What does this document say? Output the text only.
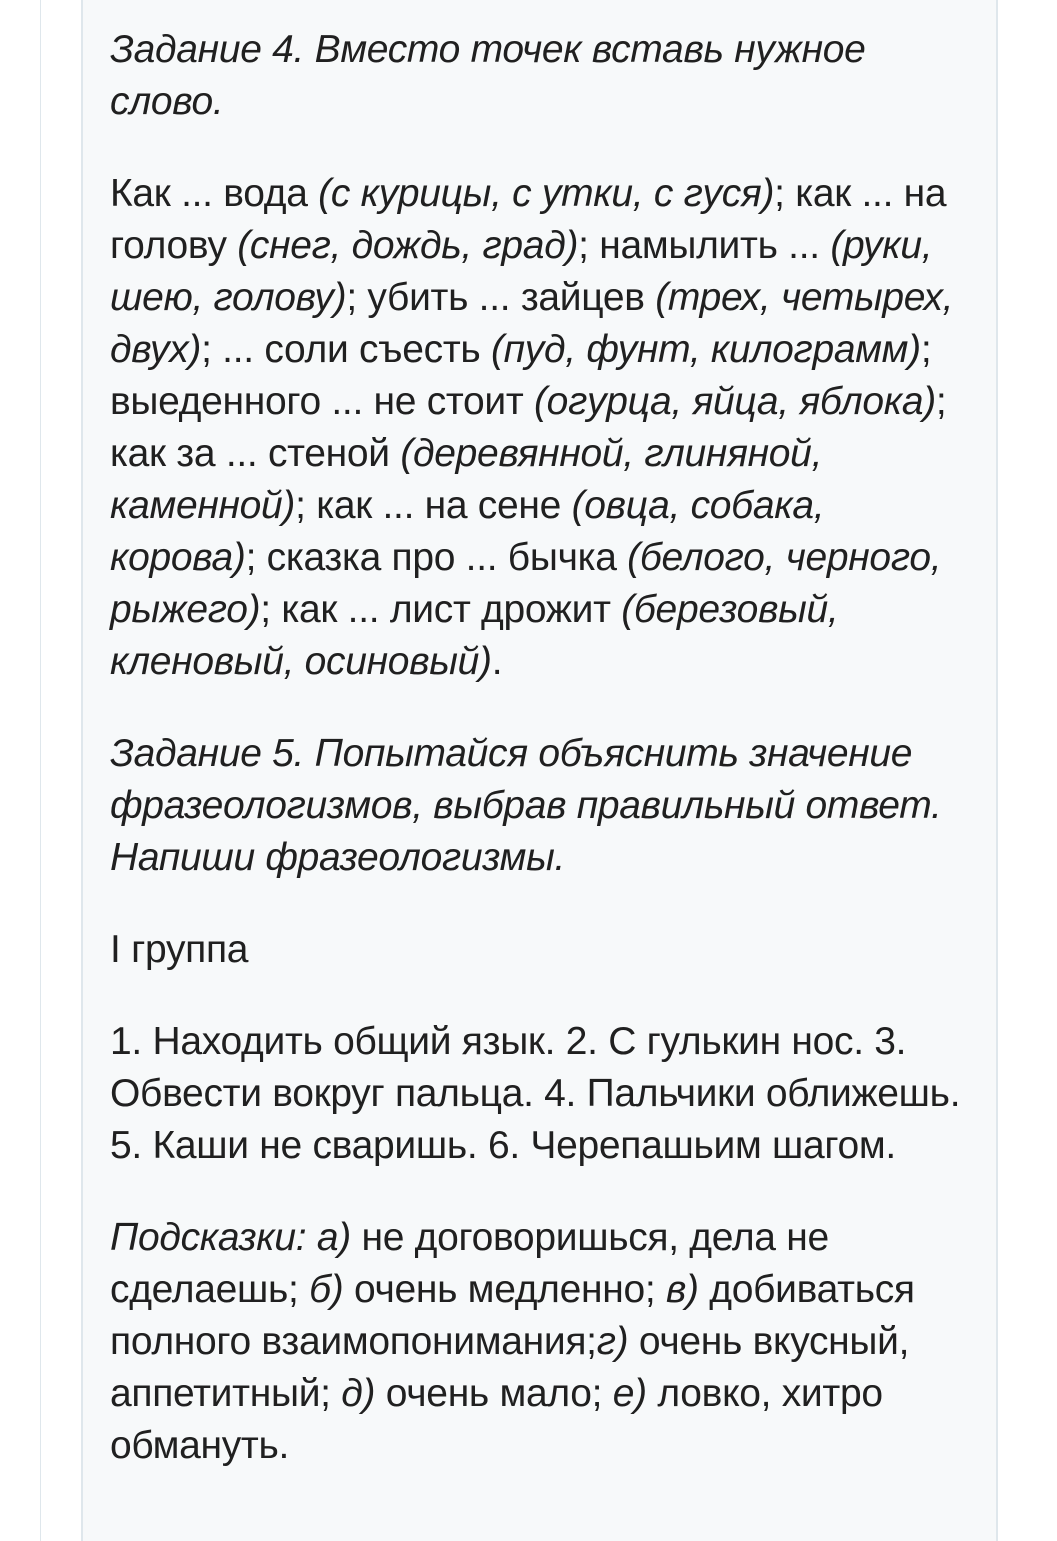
Задание 4. Вместо точек вставь нужное слово.

Как ... вода (с курицы, с утки, с гуся); как ... на голову (снег, дождь, град); намылить ... (руки, шею, голову); убить ... зайцев (трех, четырех, двух); ... соли съесть (пуд, фунт, килограмм); выеденного ... не стоит (огурца, яйца, яблока); как за ... стеной (деревянной, глиняной, каменной); как ... на сене (овца, собака, корова); сказка про ... бычка (белого, черного, рыжего); как ... лист дрожит (березовый, кленовый, осиновый).

Задание 5. Попытайся объяснить значение фразеологизмов, выбрав правильный ответ. Напиши фразеологизмы.

I группа

1. Находить общий язык. 2. С гулькин нос. 3. Обвести вокруг пальца. 4. Пальчики оближешь. 5. Каши не сваришь. 6. Черепашьим шагом.

Подсказки: а) не договоришься, дела не сделаешь; б) очень медленно; в) добиваться полного взаимопонимания;г) очень вкусный, аппетитный; д) очень мало; е) ловко, хитро обмануть.
